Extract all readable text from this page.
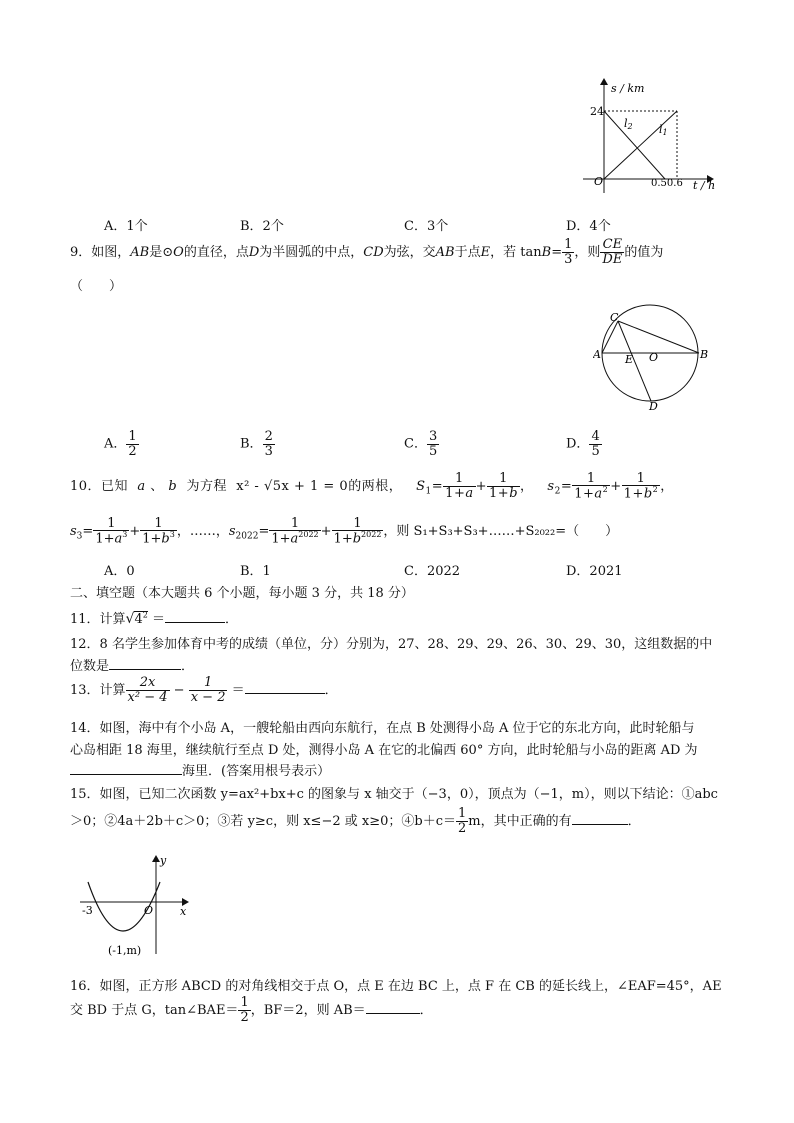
s / km
24
l2 l1
O	0.50.6 t / h
A．1个	B．2个	C．3个	D．4个
9．如图，AB是⊙O的直径，点D为半圆弧的中点，CD为弦，交AB于点E，若 $\tan B= \frac{1}{3}$ ，则 $\frac{CE}{DE}$ 的值为
（　　）
C
A E O	B
D
A． $\frac{1}{2}$	B． $\frac{2}{3}$	C． $\frac{3}{5}$	D． $\frac{4}{5}$
10．已知 a 、 b 为方程 x² - √5x + 1 = 0的两根， $S_1= \frac{1}{1+a} + \frac{1}{1+b}$ ，   $s_2= \frac{1}{1+a^2} + \frac{1}{1+b^2}$ ，
$s_3= \frac{1}{1+a^3} + \frac{1}{1+b^3}$ ，……，$s_{2022}= \frac{1}{1+a^{2022}} + \frac{1}{1+b^{2022}}$ ，则 S₁+S₃+S₃+……+S₂₀₂₂=（　　）
A．0	B．1	C．2022	D．2021
二、填空题（本大题共 6 个小题，每小题 3 分，共 18 分）
11．计算$√4^2$ ＝	．
12．8 名学生参加体育中考的成绩（单位，分）分别为，27、28、29、29、26、30、29、30，这组数据的中
位数是	．
13．计算 $\frac{2x}{\text{x² − 4}} - \frac{1}{x - 2}$ ＝	．
14．如图，海中有个小岛 A，一艘轮船由西向东航行，在点 B 处测得小岛 A 位于它的东北方向，此时轮船与
心岛相距 18 海里，继续航行至点 D 处，测得小岛 A 在它的北偏西 60° 方向，此时轮船与小岛的距离 AD 为
海里．(答案用根号表示）
15．如图，已知二次函数 y=ax²+bx+c 的图象与 x 轴交于（−3，0），顶点为（−1，m），则以下结论：①abc
＞0；②4a＋2b＋c＞0；③若 y≥c，则 x≤−2 或 x≥0；④b＋c＝ $\frac{1}{2}$ m，其中正确的有	．
y
x
-3	O
(-1,m)
16．如图，正方形 ABCD 的对角线相交于点 O，点 E 在边 BC 上，点 F 在 CB 的延长线上，∠EAF=45°，AE
交 BD 于点 G，tan∠BAE＝ $\frac{1}{2}$ ，BF＝2，则 AB＝	．
